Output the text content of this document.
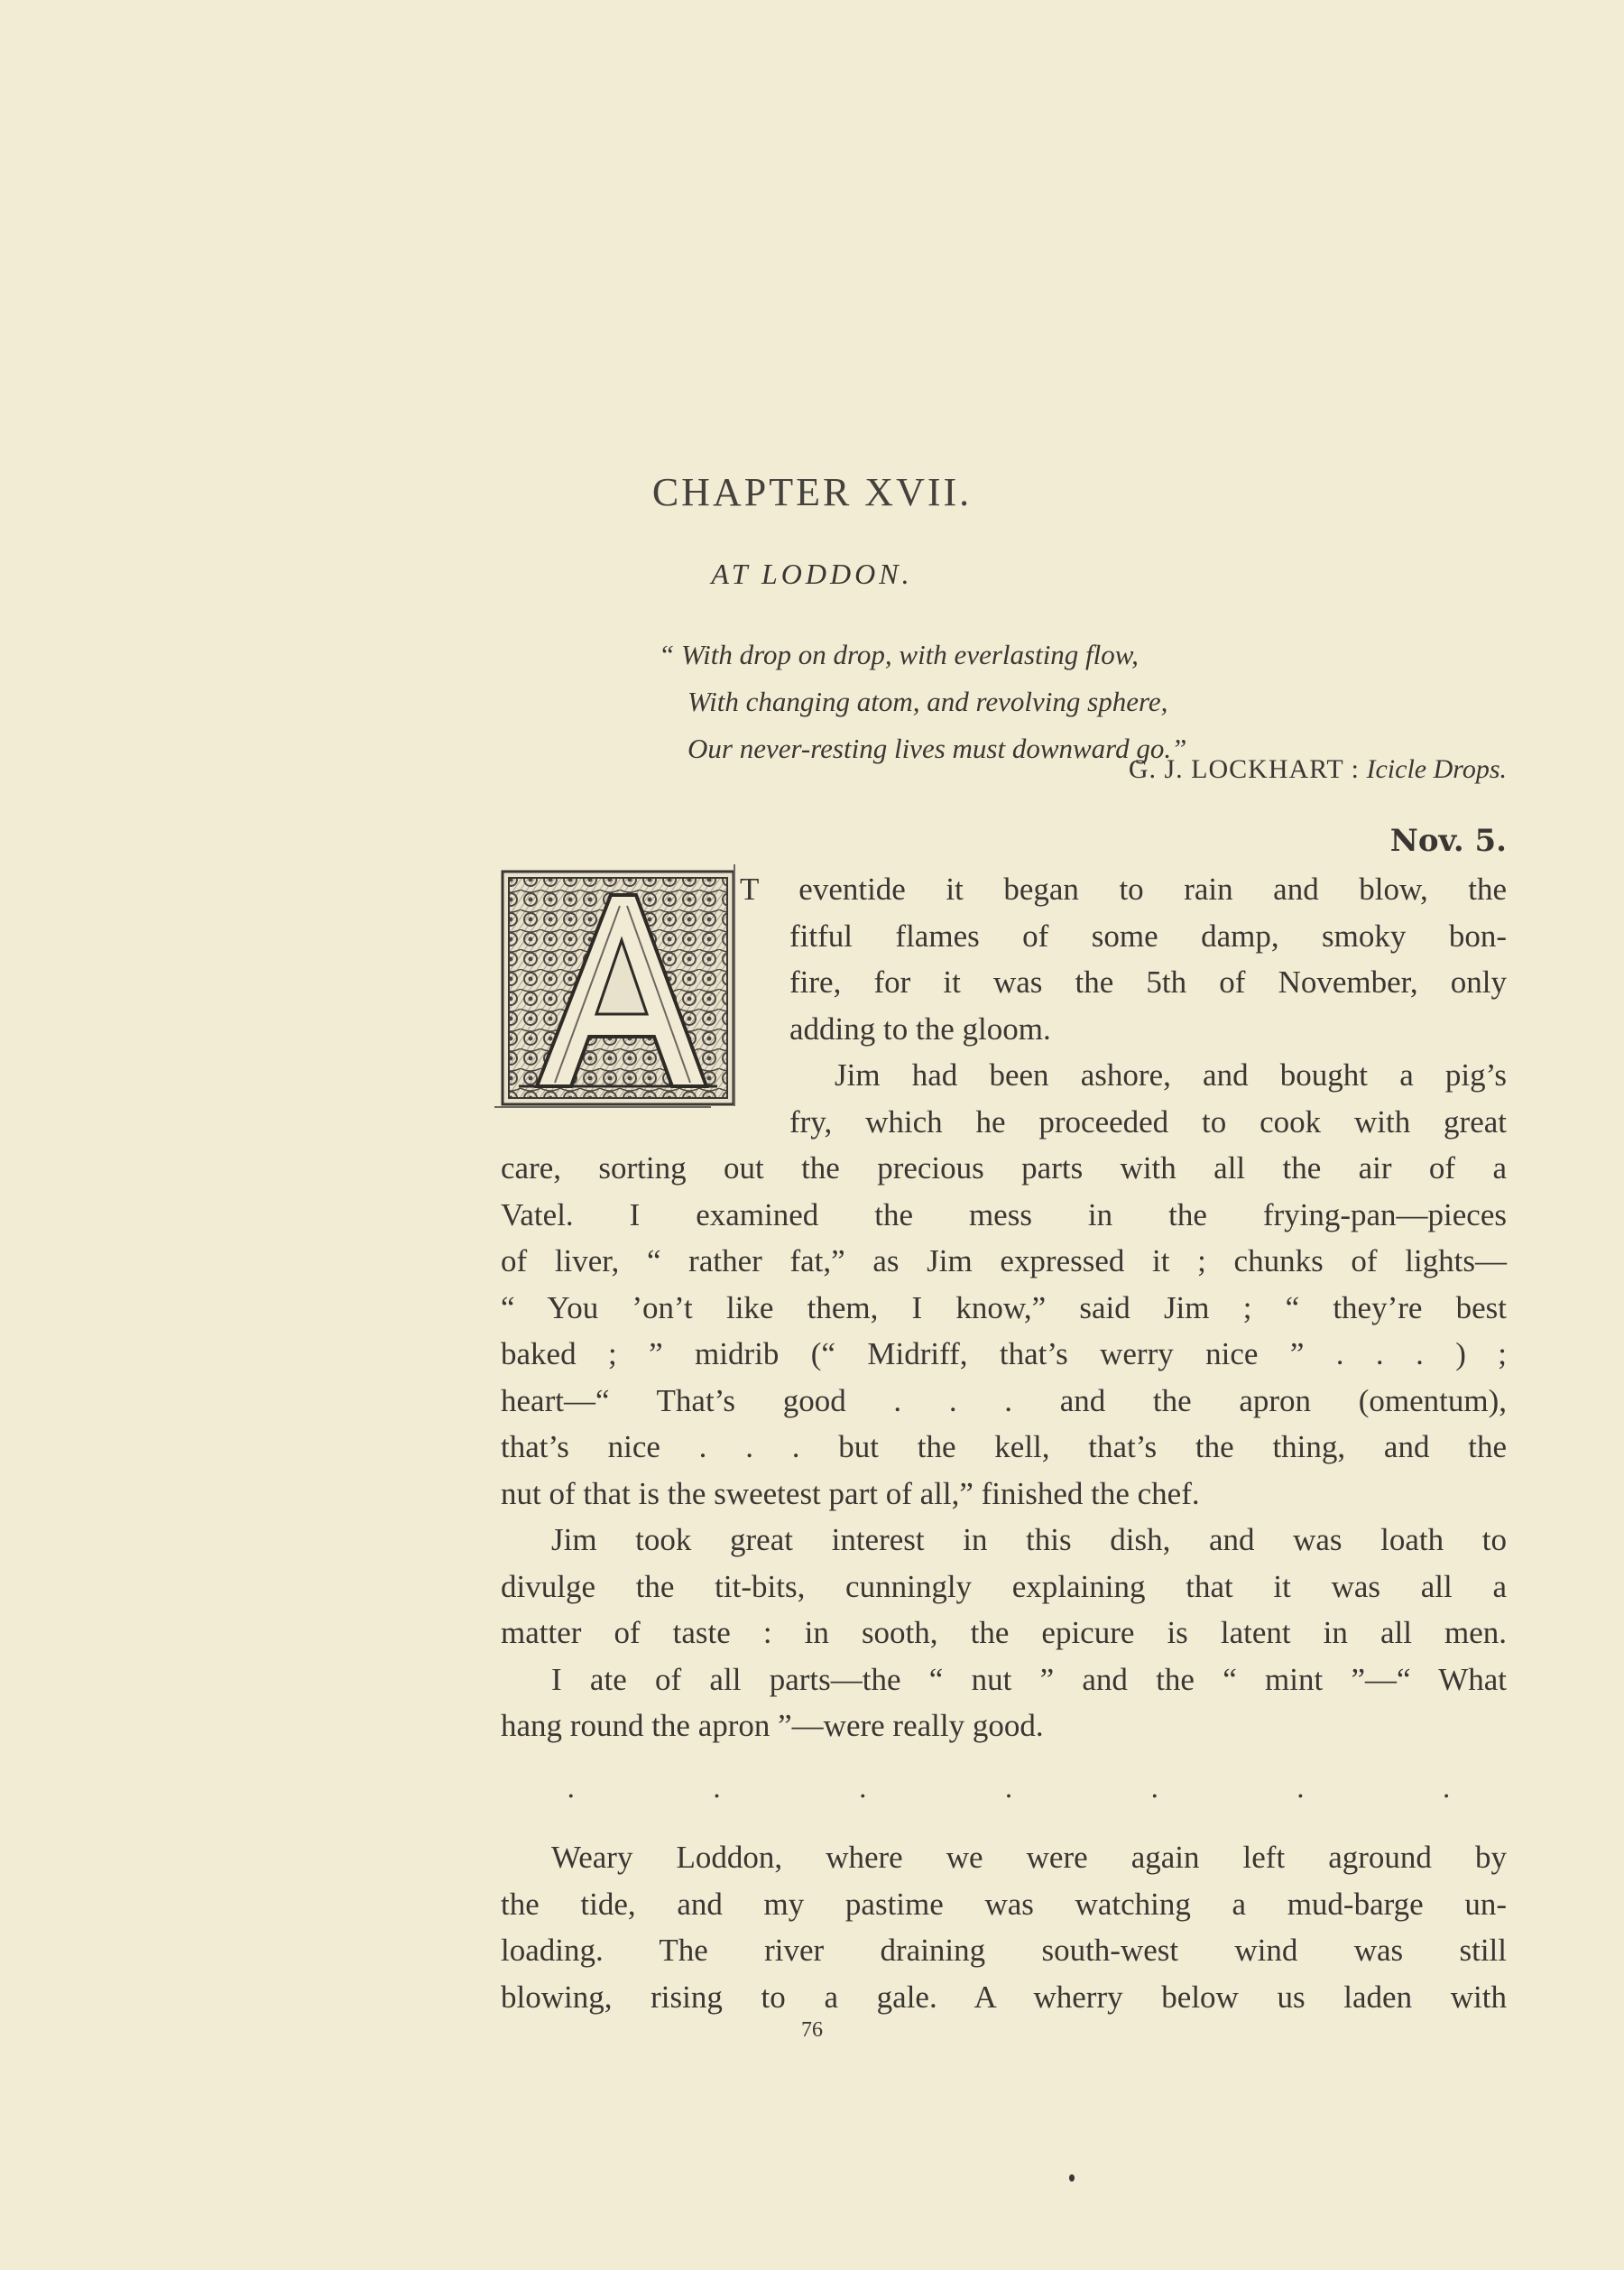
CHAPTER XVII.
AT LODDON.
“ With drop on drop, with everlasting flow,
With changing atom, and revolving sphere,
Our never-resting lives must downward go.”
G. J. LOCKHART : Icicle Drops.
Nov. 5.
T eventide it began to rain and blow, the
fitful flames of some damp, smoky bon-
fire, for it was the 5th of November, only
adding to the gloom.
Jim had been ashore, and bought a pig’s
fry, which he proceeded to cook with great
care, sorting out the precious parts with all the air of a
Vatel. I examined the mess in the frying-pan—pieces
of liver, “ rather fat,” as Jim expressed it ; chunks of lights—
“ You ’on’t like them, I know,” said Jim ; “ they’re best
baked ; ” midrib (“ Midriff, that’s werry nice ” . . . ) ;
heart—“ That’s good . . . and the apron (omentum),
that’s nice . . . but the kell, that’s the thing, and the
nut of that is the sweetest part of all,” finished the chef.
Jim took great interest in this dish, and was loath to
divulge the tit-bits, cunningly explaining that it was all a
matter of taste : in sooth, the epicure is latent in all men.
I ate of all parts—the “ nut ” and the “ mint ”—“ What
hang round the apron ”—were really good.
.	.	.	.	.	.	.
Weary Loddon, where we were again left aground by
the tide, and my pastime was watching a mud-barge un-
loading. The river draining south-west wind was still
blowing, rising to a gale. A wherry below us laden with
76
